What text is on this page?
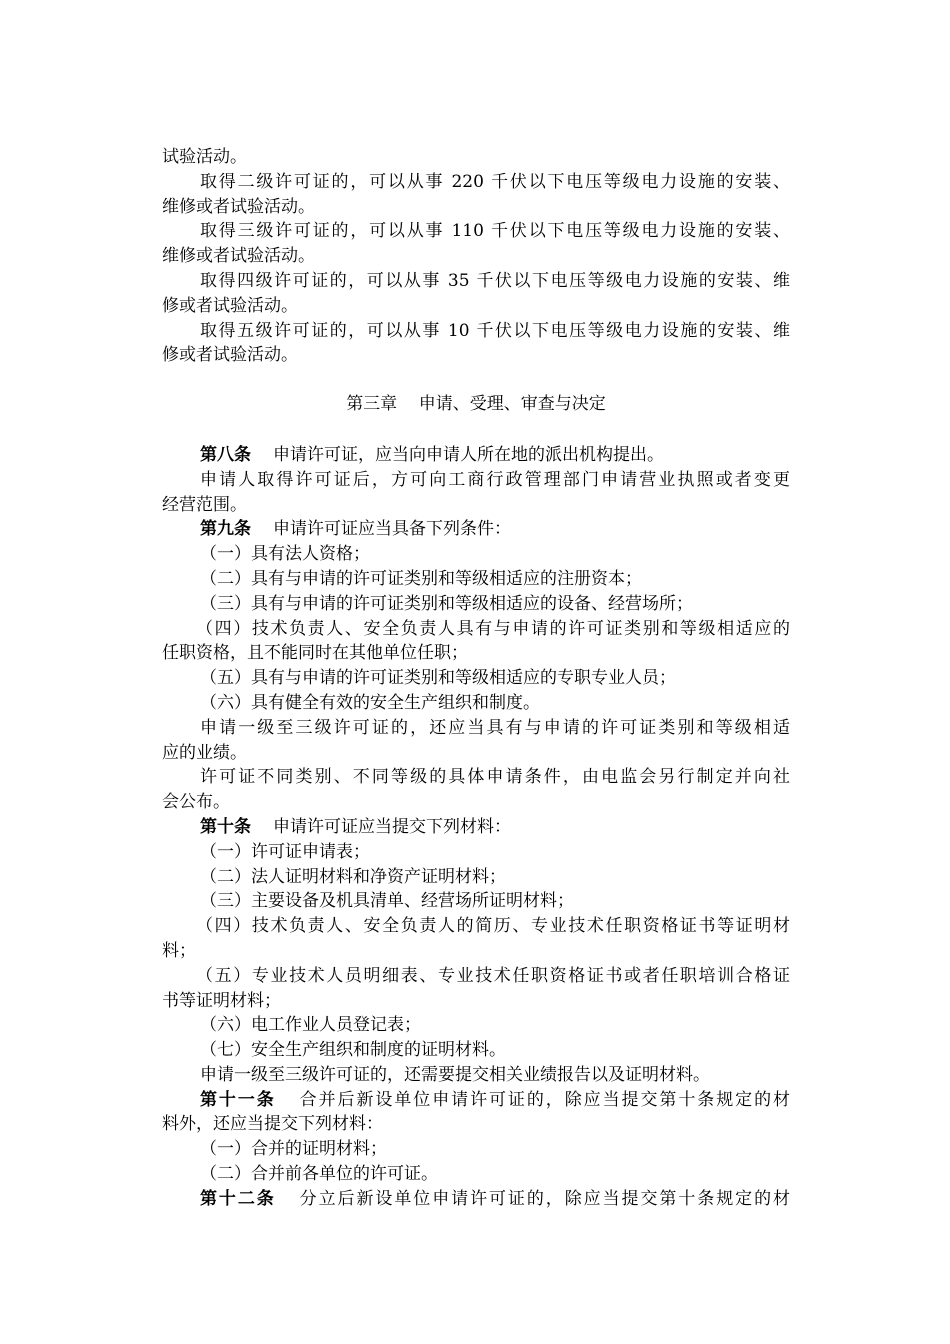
试验活动。
取得二级许可证的，可以从事 220 千伏以下电压等级电力设施的安装、
维修或者试验活动。
取得三级许可证的，可以从事 110 千伏以下电压等级电力设施的安装、
维修或者试验活动。
取得四级许可证的，可以从事 35 千伏以下电压等级电力设施的安装、维
修或者试验活动。
取得五级许可证的，可以从事 10 千伏以下电压等级电力设施的安装、维
修或者试验活动。
第三章    申请、受理、审查与决定
第八条 申请许可证，应当向申请人所在地的派出机构提出。
申请人取得许可证后，方可向工商行政管理部门申请营业执照或者变更
经营范围。
第九条 申请许可证应当具备下列条件：
（一）具有法人资格；
（二）具有与申请的许可证类别和等级相适应的注册资本；
（三）具有与申请的许可证类别和等级相适应的设备、经营场所；
（四）技术负责人、安全负责人具有与申请的许可证类别和等级相适应的
任职资格，且不能同时在其他单位任职；
（五）具有与申请的许可证类别和等级相适应的专职专业人员；
（六）具有健全有效的安全生产组织和制度。
申请一级至三级许可证的，还应当具有与申请的许可证类别和等级相适
应的业绩。
许可证不同类别、不同等级的具体申请条件，由电监会另行制定并向社
会公布。
第十条 申请许可证应当提交下列材料：
（一）许可证申请表；
（二）法人证明材料和净资产证明材料；
（三）主要设备及机具清单、经营场所证明材料；
（四）技术负责人、安全负责人的简历、专业技术任职资格证书等证明材
料；
（五）专业技术人员明细表、专业技术任职资格证书或者任职培训合格证
书等证明材料；
（六）电工作业人员登记表；
（七）安全生产组织和制度的证明材料。
申请一级至三级许可证的，还需要提交相关业绩报告以及证明材料。
第十一条 合并后新设单位申请许可证的，除应当提交第十条规定的材
料外，还应当提交下列材料：
（一）合并的证明材料；
（二）合并前各单位的许可证。
第十二条 分立后新设单位申请许可证的，除应当提交第十条规定的材
